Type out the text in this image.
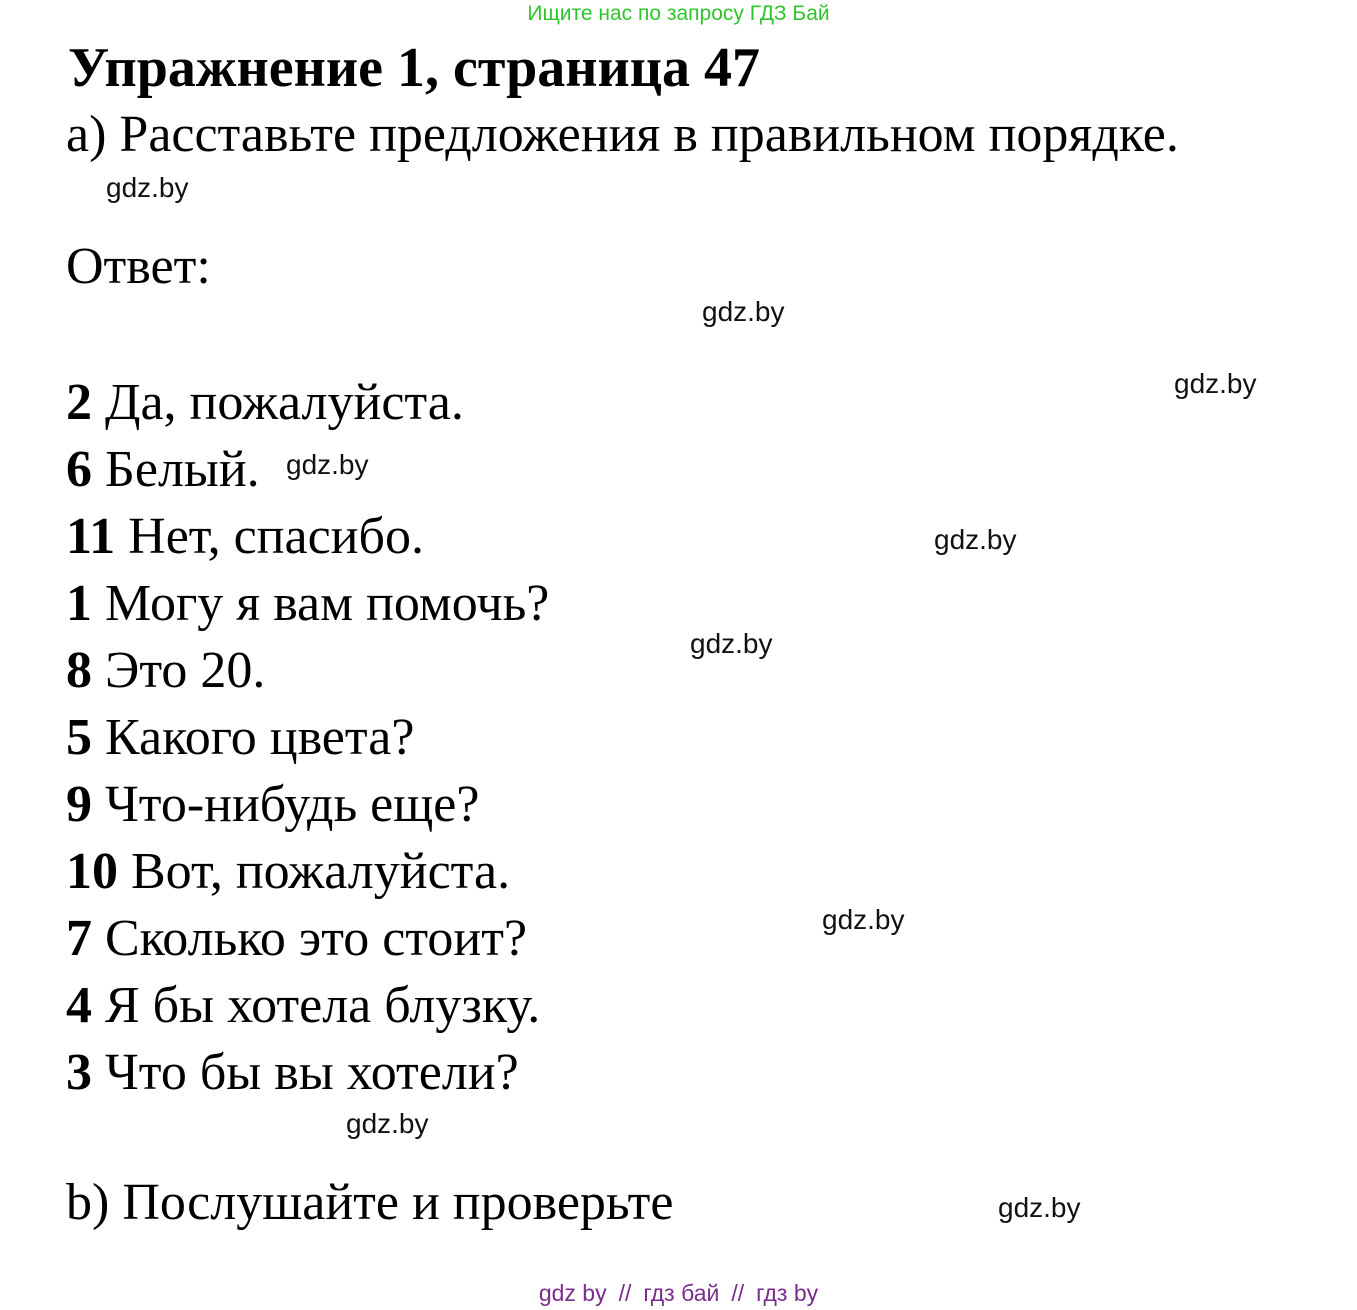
Ищите нас по запросу ГДЗ Бай
Упражнение 1, страница 47
a) Расставьте предложения в правильном порядке.
Ответ:
2 Да, пожалуйста.
6 Белый.
11 Нет, спасибо.
1 Могу я вам помочь?
8 Это 20.
5 Какого цвета?
9 Что-нибудь еще?
10 Вот, пожалуйста.
7 Сколько это стоит?
4 Я бы хотела блузку.
3 Что бы вы хотели?
b) Послушайте и проверьте
gdz.by
gdz.by
gdz.by
gdz.by
gdz.by
gdz.by
gdz.by
gdz.by
gdz.by
gdz by // гдз бай // гдз by
